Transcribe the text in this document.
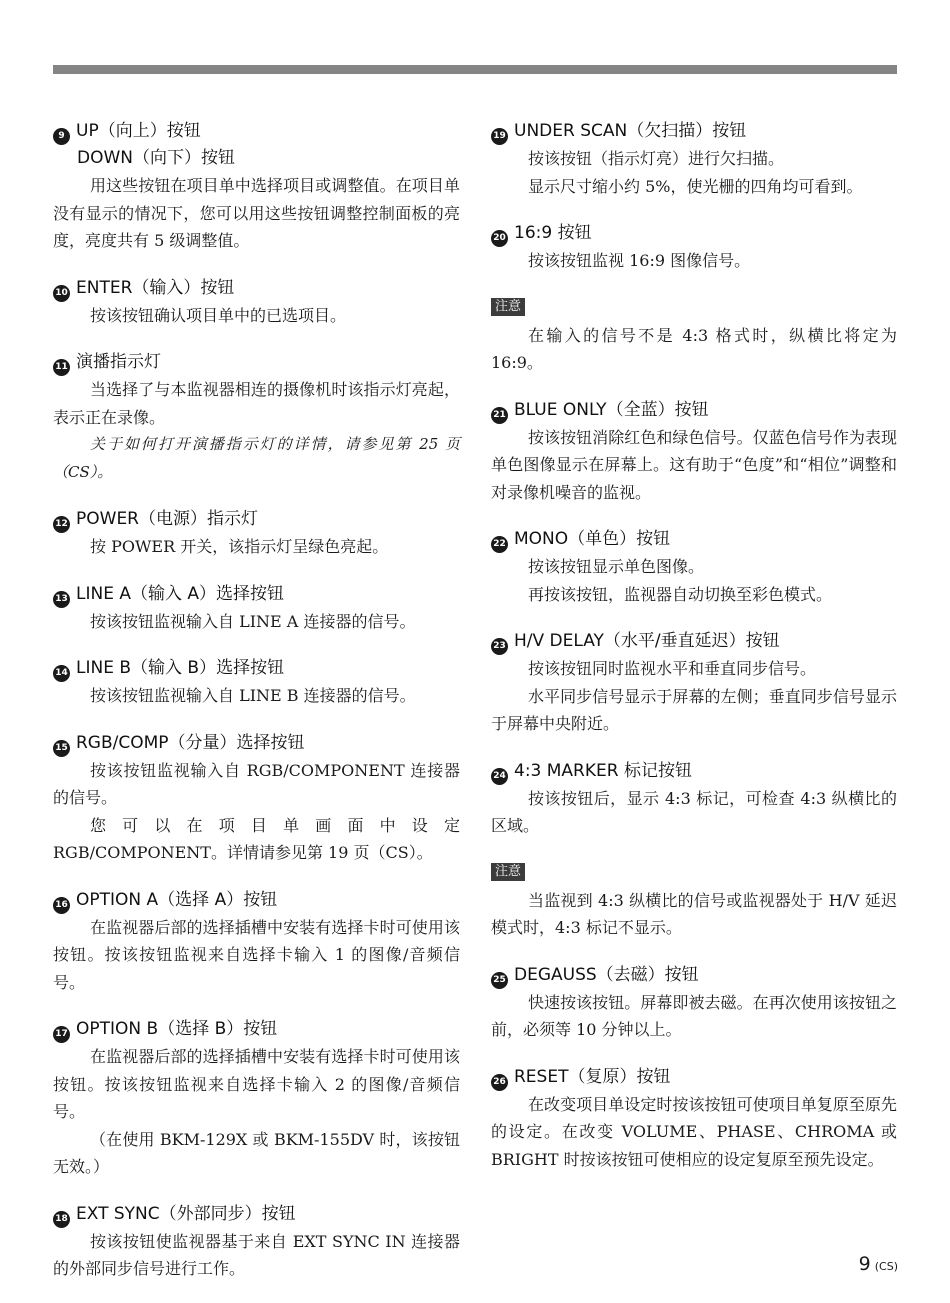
9 UP（向上）按钮
DOWN（向下）按钮

用这些按钮在项目单中选择项目或调整值。在项目单没有显示的情况下，您可以用这些按钮调整控制面板的亮度，亮度共有 5 级调整值。

10 ENTER（输入）按钮

按该按钮确认项目单中的已选项目。

11 演播指示灯

当选择了与本监视器相连的摄像机时该指示灯亮起，表示正在录像。

关于如何打开演播指示灯的详情，请参见第 25 页（CS）。

12 POWER（电源）指示灯

按 POWER 开关，该指示灯呈绿色亮起。

13 LINE A（输入 A）选择按钮

按该按钮监视输入自 LINE A 连接器的信号。

14 LINE B（输入 B）选择按钮

按该按钮监视输入自 LINE B 连接器的信号。

15 RGB/COMP（分量）选择按钮

按该按钮监视输入自 RGB/COMPONENT 连接器的信号。

您可以在项目单画面中设定 RGB/COMPONENT。详情请参见第 19 页（CS）。

16 OPTION A（选择 A）按钮

在监视器后部的选择插槽中安装有选择卡时可使用该按钮。按该按钮监视来自选择卡输入 1 的图像/音频信号。

17 OPTION B（选择 B）按钮

在监视器后部的选择插槽中安装有选择卡时可使用该按钮。按该按钮监视来自选择卡输入 2 的图像/音频信号。

（在使用 BKM-129X 或 BKM-155DV 时，该按钮无效。）

18 EXT SYNC（外部同步）按钮

按该按钮使监视器基于来自 EXT SYNC IN 连接器的外部同步信号进行工作。

19 UNDER SCAN（欠扫描）按钮

按该按钮（指示灯亮）进行欠扫描。

显示尺寸缩小约 5%，使光栅的四角均可看到。

20 16:9 按钮

按该按钮监视 16:9 图像信号。

注意

在输入的信号不是 4:3 格式时，纵横比将定为 16:9。

21 BLUE ONLY（全蓝）按钮

按该按钮消除红色和绿色信号。仅蓝色信号作为表现单色图像显示在屏幕上。这有助于“色度”和“相位”调整和对录像机噪音的监视。

22 MONO（单色）按钮

按该按钮显示单色图像。

再按该按钮，监视器自动切换至彩色模式。

23 H/V DELAY（水平/垂直延迟）按钮

按该按钮同时监视水平和垂直同步信号。

水平同步信号显示于屏幕的左侧；垂直同步信号显示于屏幕中央附近。

24 4:3 MARKER 标记按钮

按该按钮后，显示 4:3 标记，可检查 4:3 纵横比的区域。

注意

当监视到 4:3 纵横比的信号或监视器处于 H/V 延迟模式时，4:3 标记不显示。

25 DEGAUSS（去磁）按钮

快速按该按钮。屏幕即被去磁。在再次使用该按钮之前，必须等 10 分钟以上。

26 RESET（复原）按钮

在改变项目单设定时按该按钮可使项目单复原至原先的设定。在改变 VOLUME、PHASE、CHROMA 或 BRIGHT 时按该按钮可使相应的设定复原至预先设定。

9 (CS)
